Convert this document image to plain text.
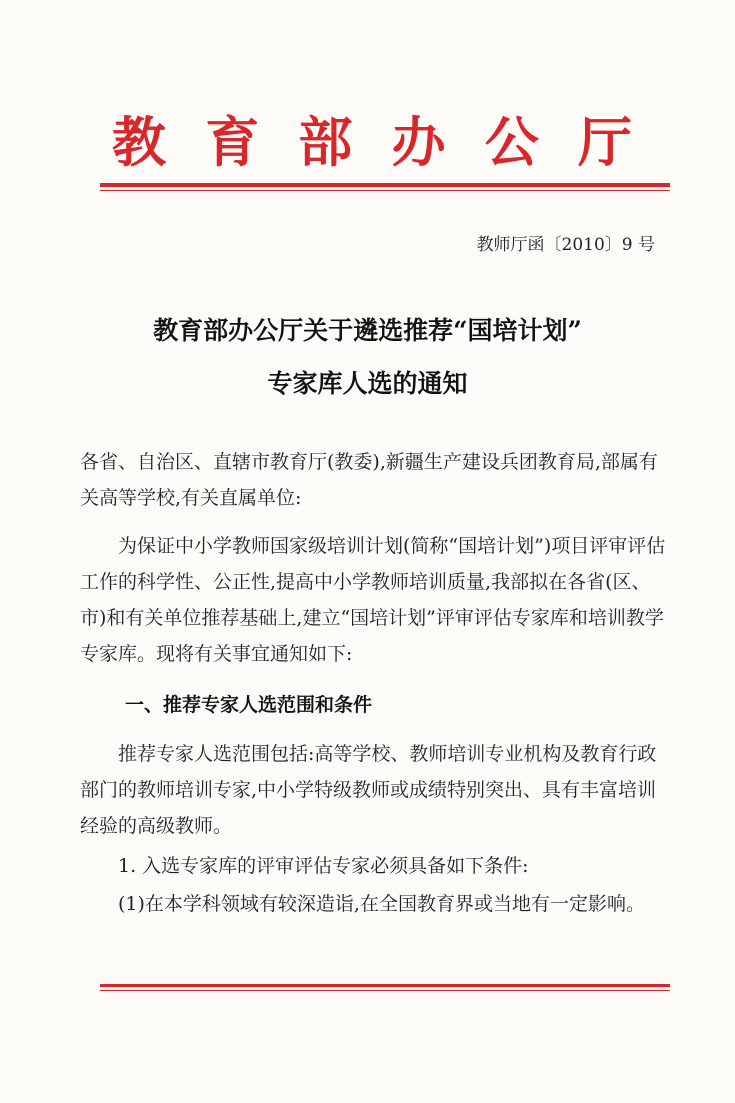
教 育 部 办 公 厅
教师厅函〔2010〕9 号
教育部办公厅关于遴选推荐“国培计划”
专家库人选的通知
各省、自治区、直辖市教育厅(教委),新疆生产建设兵团教育局,部属有关高等学校,有关直属单位:
为保证中小学教师国家级培训计划(简称“国培计划”)项目评审评估工作的科学性、公正性,提高中小学教师培训质量,我部拟在各省(区、市)和有关单位推荐基础上,建立“国培计划”评审评估专家库和培训教学专家库。现将有关事宜通知如下:
一、推荐专家人选范围和条件
推荐专家人选范围包括:高等学校、教师培训专业机构及教育行政部门的教师培训专家,中小学特级教师或成绩特别突出、具有丰富培训经验的高级教师。
1. 入选专家库的评审评估专家必须具备如下条件:
(1)在本学科领域有较深造诣,在全国教育界或当地有一定影响。
